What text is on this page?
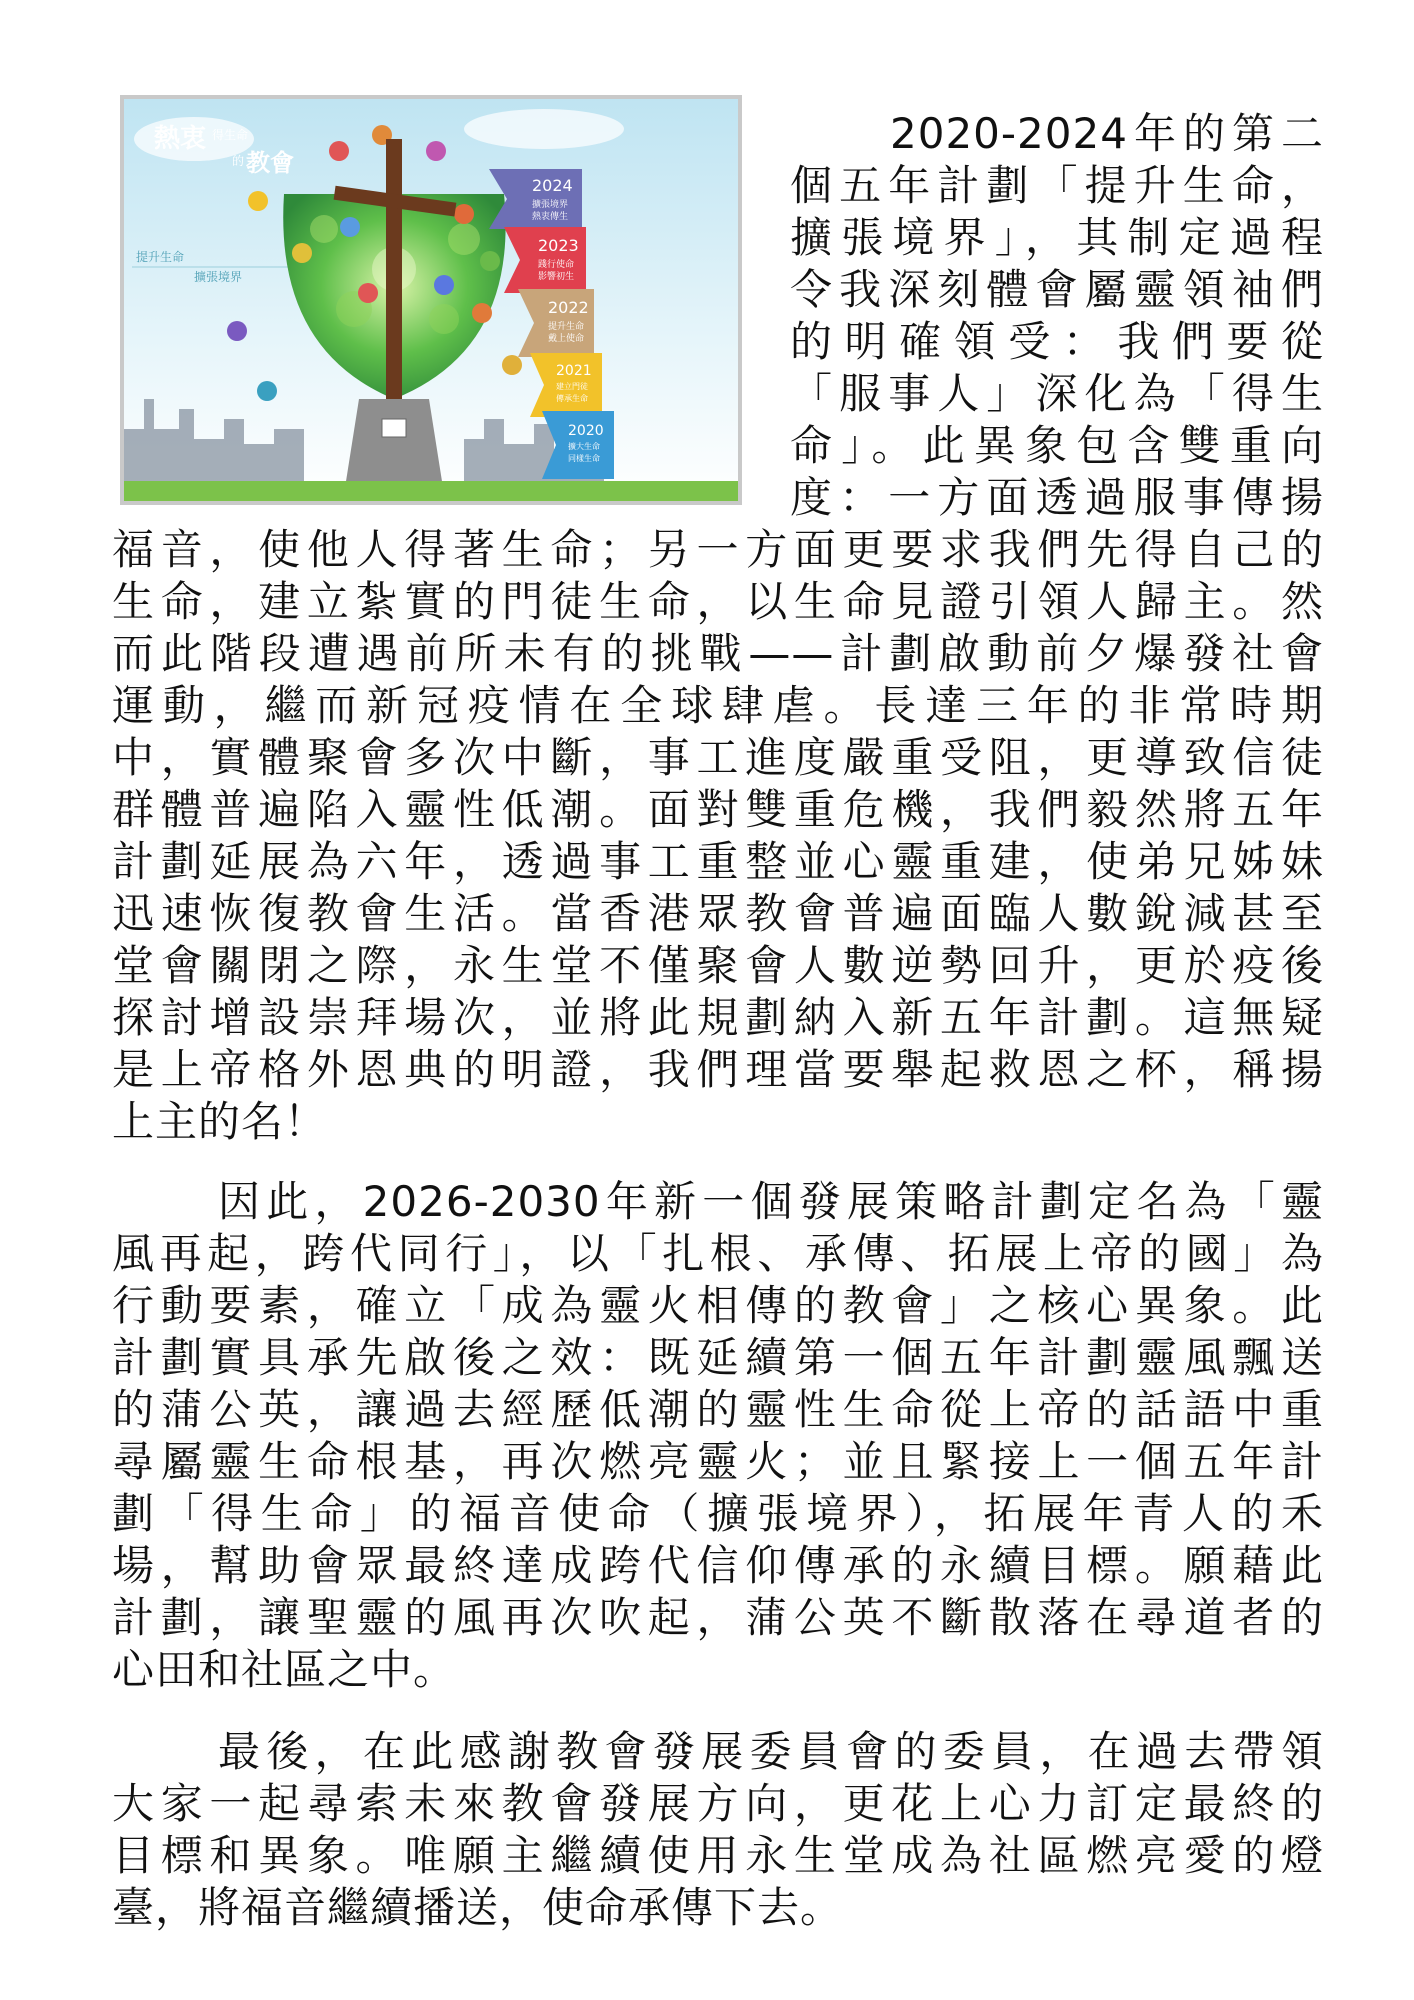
熱衷 得生命
的 教會
提升生命
擴張境界
2024
擴張境界
熱衷傳生
2023
踐行使命
影響初生
2022
提升生命
戴上使命
2021
建立門徒
傳承生命
2020
擴大生命
同樣生命
2020-2024年的第二
個五年計劃「提升生命，
擴張境界」，其制定過程
令我深刻體會屬靈領袖們
的明確領受：我們要從
「服事人」深化為「得生
命」。此異象包含雙重向
度：一方面透過服事傳揚
福音，使他人得著生命；另一方面更要求我們先得自己的
生命，建立紮實的門徒生命，以生命見證引領人歸主。然
而此階段遭遇前所未有的挑戰——計劃啟動前夕爆發社會
運動，繼而新冠疫情在全球肆虐。長達三年的非常時期
中，實體聚會多次中斷，事工進度嚴重受阻，更導致信徒
群體普遍陷入靈性低潮。面對雙重危機，我們毅然將五年
計劃延展為六年，透過事工重整並心靈重建，使弟兄姊妹
迅速恢復教會生活。當香港眾教會普遍面臨人數銳減甚至
堂會關閉之際，永生堂不僅聚會人數逆勢回升，更於疫後
探討增設崇拜場次，並將此規劃納入新五年計劃。這無疑
是上帝格外恩典的明證，我們理當要舉起救恩之杯，稱揚
上主的名！
因此，2026-2030年新一個發展策略計劃定名為「靈
風再起，跨代同行」，以「扎根、承傳、拓展上帝的國」為
行動要素，確立「成為靈火相傳的教會」之核心異象。此
計劃實具承先啟後之效：既延續第一個五年計劃靈風飄送
的蒲公英，讓過去經歷低潮的靈性生命從上帝的話語中重
尋屬靈生命根基，再次燃亮靈火；並且緊接上一個五年計
劃「得生命」的福音使命（擴張境界），拓展年青人的禾
場，幫助會眾最終達成跨代信仰傳承的永續目標。願藉此
計劃，讓聖靈的風再次吹起，蒲公英不斷散落在尋道者的
心田和社區之中。
最後，在此感謝教會發展委員會的委員，在過去帶領
大家一起尋索未來教會發展方向，更花上心力訂定最終的
目標和異象。唯願主繼續使用永生堂成為社區燃亮愛的燈
臺，將福音繼續播送，使命承傳下去。
